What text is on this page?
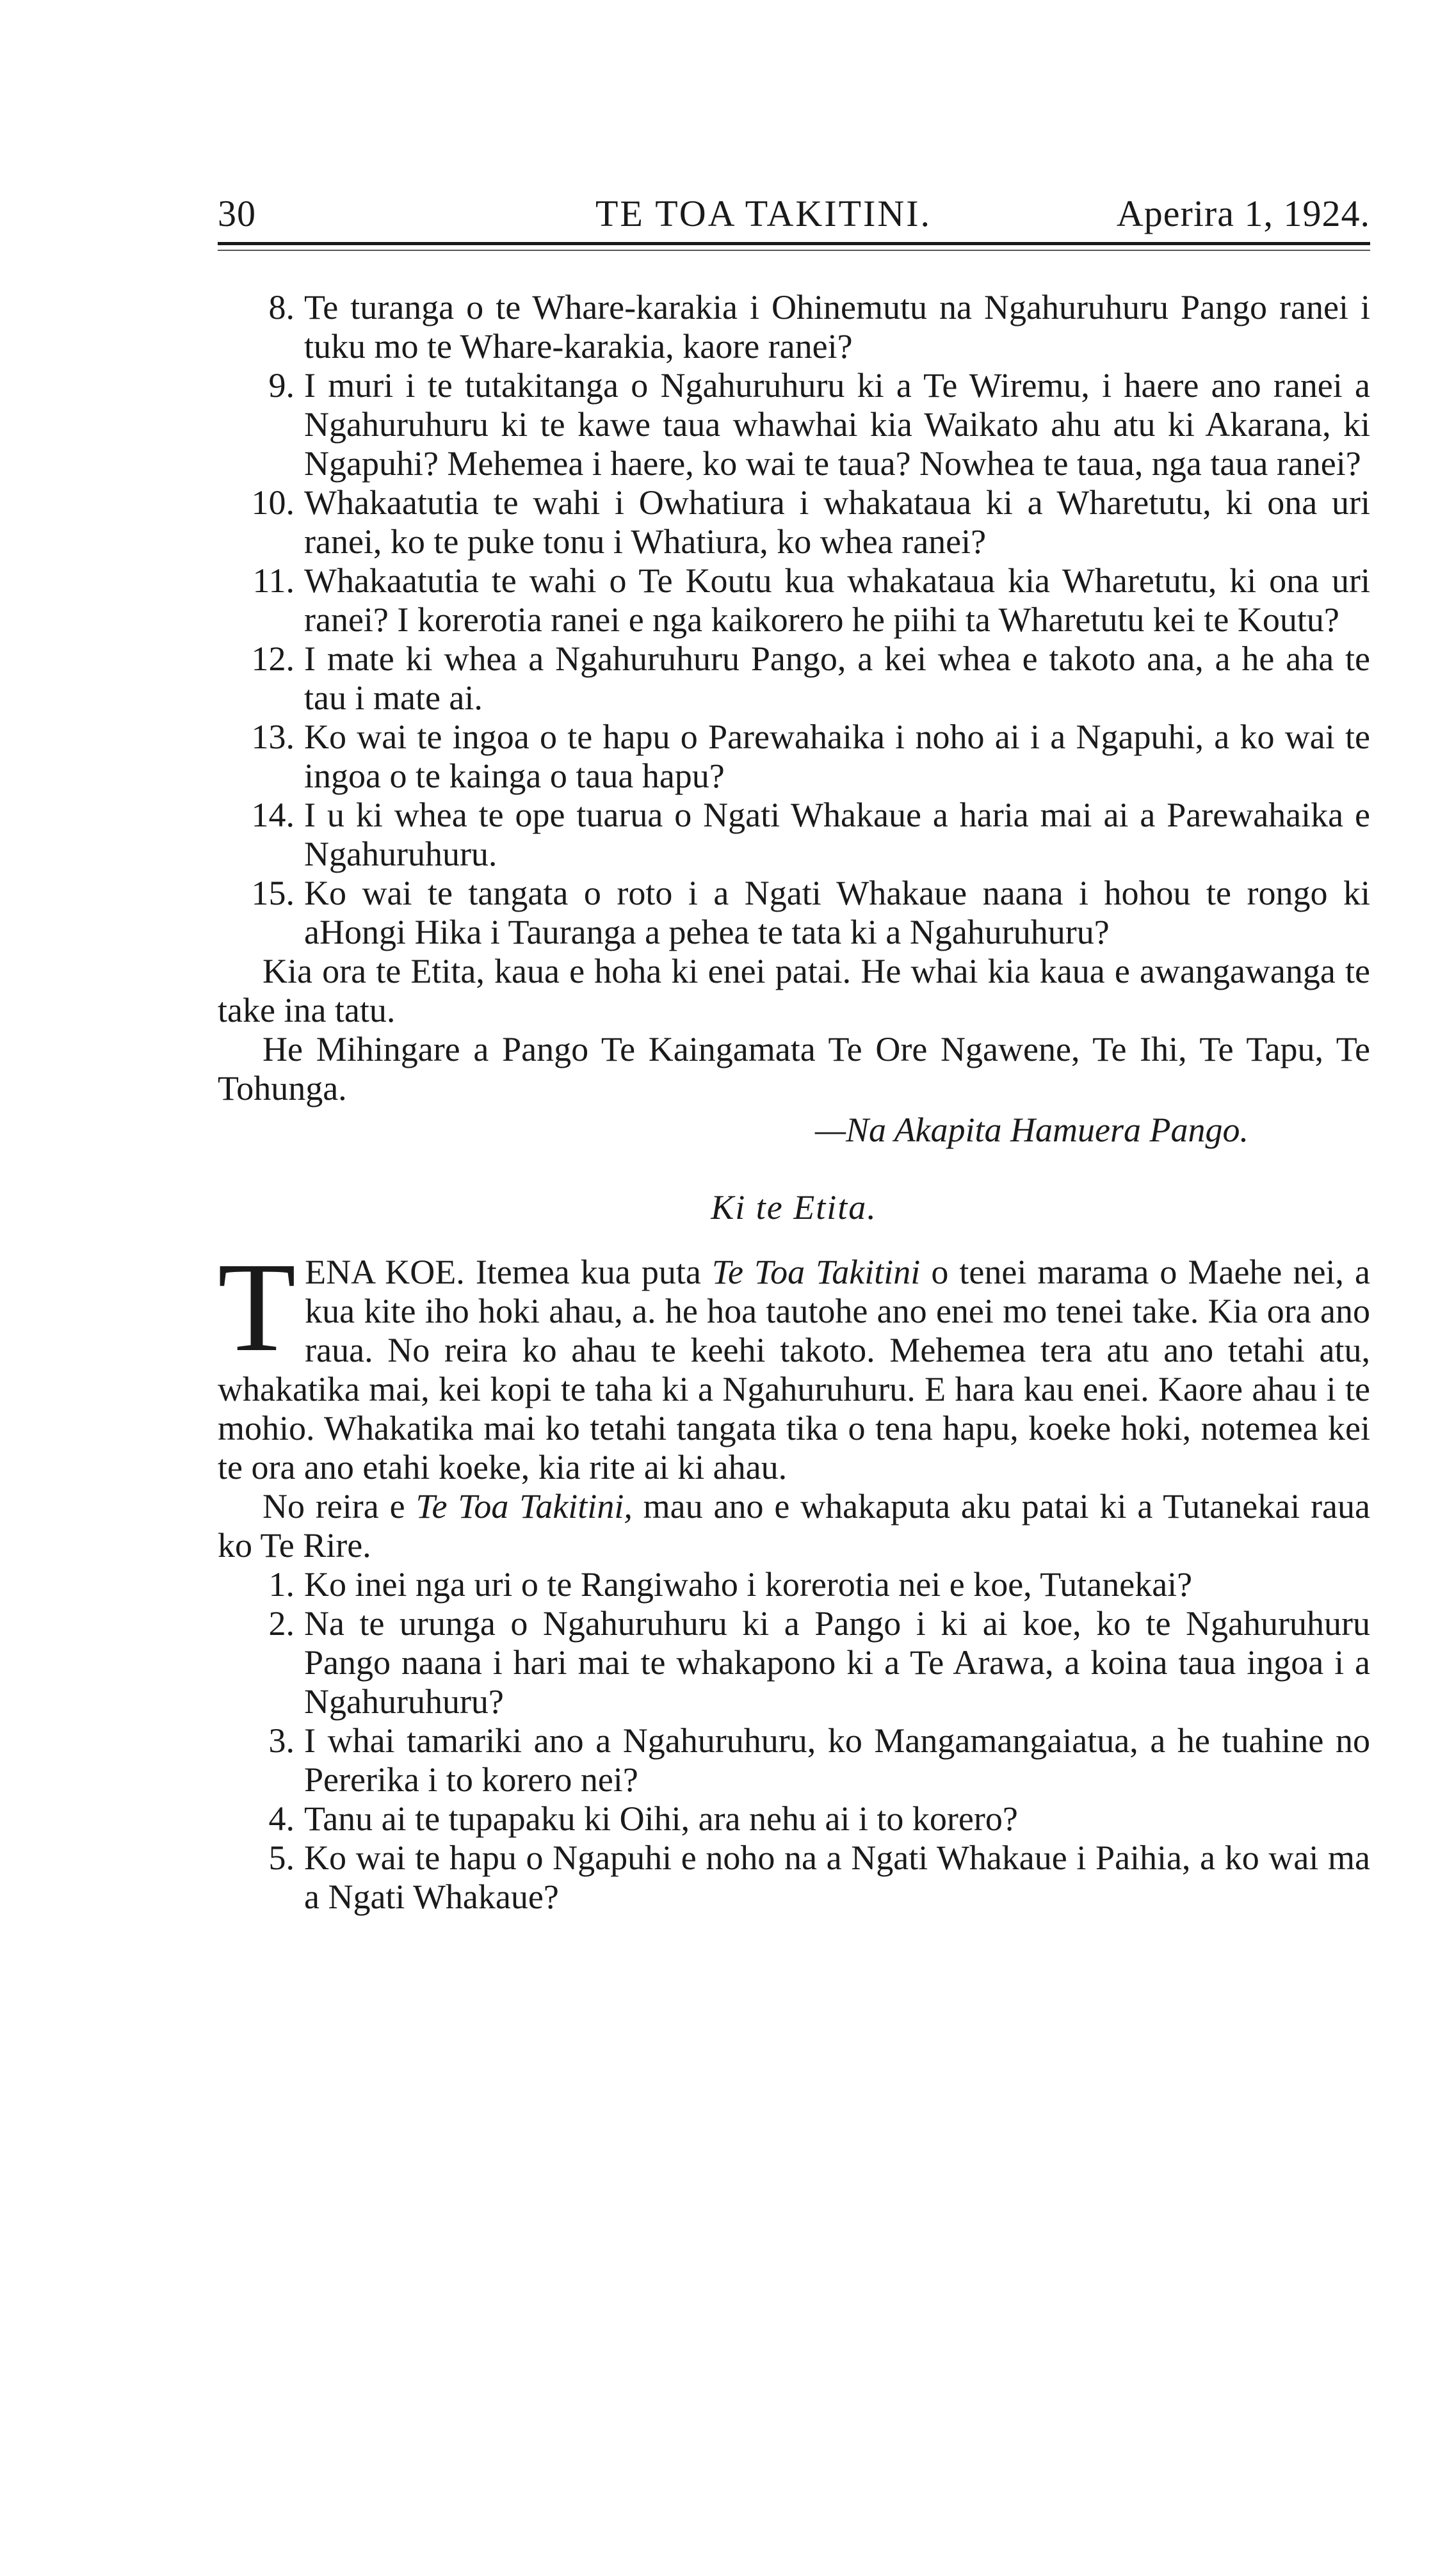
30	TE TOA TAKITINI.	Aperira 1, 1924.

8. Te turanga o te Whare-karakia i Ohinemutu na Ngahuruhuru Pango ranei i tuku mo te Whare-karakia, kaore ranei?

9. I muri i te tutakitanga o Ngahuruhuru ki a Te Wiremu, i haere ano ranei a Ngahuruhuru ki te kawe taua whawhai kia Waikato ahu atu ki Akarana, ki Ngapuhi? Mehemea i haere, ko wai te taua? Nowhea te taua, nga taua ranei?

10. Whakaatutia te wahi i Owhatiura i whakataua ki a Wharetutu, ki ona uri ranei, ko te puke tonu i Whatiura, ko whea ranei?

11. Whakaatutia te wahi o Te Koutu kua whakataua kia Wharetutu, ki ona uri ranei? I korerotia ranei e nga kaikorero he piihi ta Wharetutu kei te Koutu?

12. I mate ki whea a Ngahuruhuru Pango, a kei whea e takoto ana, a he aha te tau i mate ai.

13. Ko wai te ingoa o te hapu o Parewahaika i noho ai i a Ngapuhi, a ko wai te ingoa o te kainga o taua hapu?

14. I u ki whea te ope tuarua o Ngati Whakaue a haria mai ai a Parewahaika e Ngahuruhuru.

15. Ko wai te tangata o roto i a Ngati Whakaue naana i hohou te rongo ki aHongi Hika i Tauranga a pehea te tata ki a Ngahuruhuru?

Kia ora te Etita, kaua e hoha ki enei patai. He whai kia kaua e awangawanga te take ina tatu.

He Mihingare a Pango Te Kaingamata Te Ore Ngawene, Te Ihi, Te Tapu, Te Tohunga.

—Na Akapita Hamuera Pango.

Ki te Etita.

T ENA KOE. Itemea kua puta Te Toa Takitini o tenei marama o Maehe nei, a kua kite iho hoki ahau, a. he hoa tautohe ano enei mo tenei take. Kia ora ano raua. No reira ko ahau te keehi takoto. Mehemea tera atu ano tetahi atu, whakatika mai, kei kopi te taha ki a Ngahuruhuru. E hara kau enei. Kaore ahau i te mohio. Whakatika mai ko tetahi tangata tika o tena hapu, koeke hoki, notemea kei te ora ano etahi koeke, kia rite ai ki ahau.

No reira e Te Toa Takitini, mau ano e whakaputa aku patai ki a Tutanekai raua ko Te Rire.

1. Ko inei nga uri o te Rangiwaho i korerotia nei e koe, Tutanekai?

2. Na te urunga o Ngahuruhuru ki a Pango i ki ai koe, ko te Ngahuruhuru Pango naana i hari mai te whakapono ki a Te Arawa, a koina taua ingoa i a Ngahuruhuru?

3. I whai tamariki ano a Ngahuruhuru, ko Mangamangaiatua, a he tuahine no Pererika i to korero nei?

4. Tanu ai te tupapaku ki Oihi, ara nehu ai i to korero?

5. Ko wai te hapu o Ngapuhi e noho na a Ngati Whakaue i Paihia, a ko wai ma a Ngati Whakaue?
